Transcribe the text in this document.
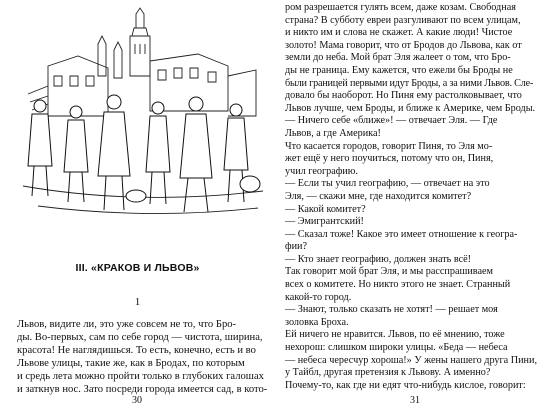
III. «КРАКОВ И ЛЬВОВ»
1

Львов, видите ли, это уже совсем не то, что Бро-

ды. Во-первых, сам по себе город — чистота, ширина,

красота! Не наглядишься. То есть, конечно, есть и во

Львове улицы, такие же, как в Бродах, по которым

и средь лета можно пройти только в глубоких галошах

и заткнув нос. Зато посреди города имеется сад, в кото-

30

ром разрешается гулять всем, даже козам. Свободная

страна? В субботу евреи разгуливают по всем улицам,

и никто им и слова не скажет. А какие люди! Чистое

золото! Мама говорит, что от Бродов до Львова, как от

земли до неба. Мой брат Эля жалеет о том, что Бро-

ды не граница. Ему кажется, что ежели бы Броды не

были границей первыми идут Броды, а за ними Львов. Сле-

довало бы наоборот. Но Пиня ему растолковывает, что

Львов лучше, чем Броды, и ближе к Америке, чем Броды.

— Ничего себе «ближе»! — отвечает Эля. — Где

Львов, а где Америка!

Что касается городов, говорит Пиня, то Эля мо-

жет ещё у него поучиться, потому что он, Пиня,

учил географию.

— Если ты учил географию, — отвечает на это

Эля, — скажи мне, где находится комитет?

— Какой комитет?

— Эмигрантский!

— Сказал тоже! Какое это имеет отношение к геогра-

фии?

— Кто знает географию, должен знать всё!

Так говорит мой брат Эля, и мы расспрашиваем

всех о комитете. Но никто этого не знает. Странный

какой-то город.

— Знают, только сказать не хотят! — решает моя

золовка Броха.

Ей ничего не нравится. Львов, по её мнению, тоже

нехорош: слишком широки улицы. «Беда — небеса

— небеса чересчур хороша!» У жены нашего друга Пини,

у Тайбл, другая претензия к Львову. А именно?

Почему-то, как где ни едят что-нибудь кислое, говорит:

31
